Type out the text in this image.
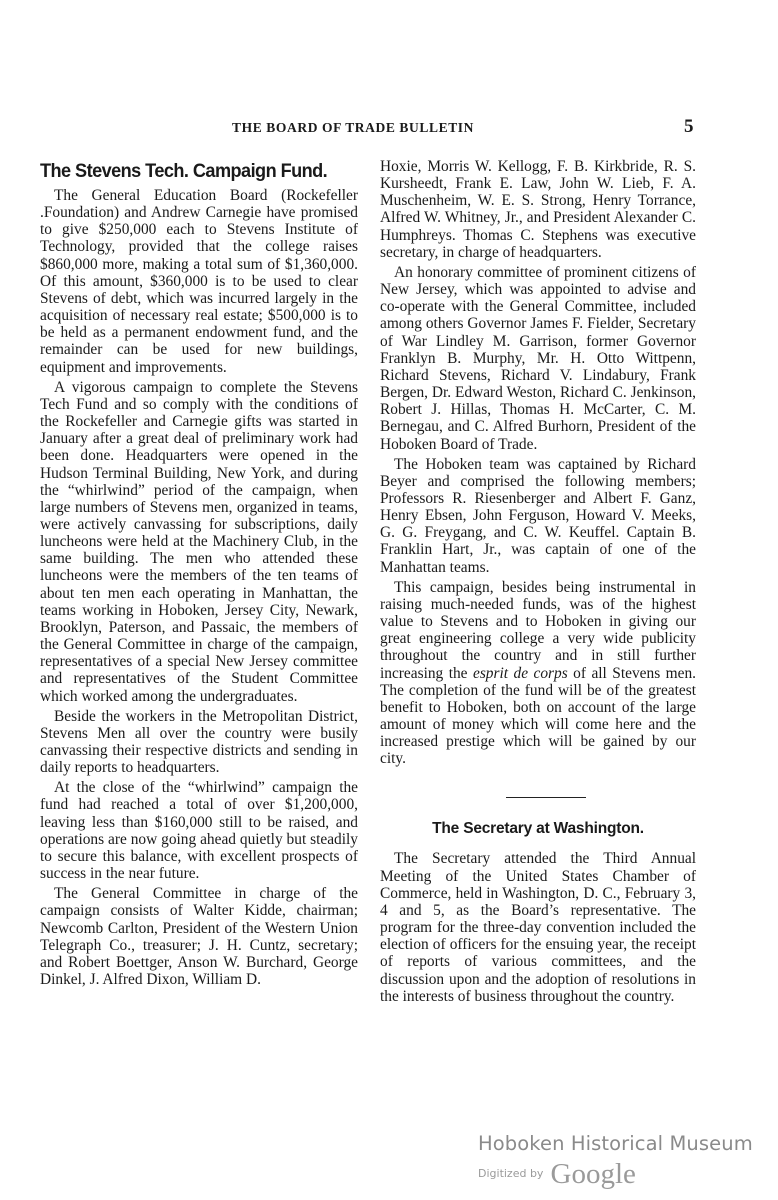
THE BOARD OF TRADE BULLETIN	5
The Stevens Tech. Campaign Fund.

The General Education Board (Rockefeller .Foundation) and Andrew Carnegie have promised to give $250,000 each to Stevens Institute of Technology, provided that the college raises $860,000 more, making a total sum of $1,360,000. Of this amount, $360,000 is to be used to clear Stevens of debt, which was incurred largely in the acquisition of necessary real estate; $500,000 is to be held as a permanent endowment fund, and the remainder can be used for new buildings, equipment and improvements.

A vigorous campaign to complete the Stevens Tech Fund and so comply with the conditions of the Rockefeller and Carnegie gifts was started in January after a great deal of preliminary work had been done. Headquarters were opened in the Hudson Terminal Building, New York, and during the “whirlwind” period of the campaign, when large numbers of Stevens men, organized in teams, were actively canvassing for subscriptions, daily luncheons were held at the Machinery Club, in the same building. The men who attended these luncheons were the members of the ten teams of about ten men each operating in Manhattan, the teams working in Hoboken, Jersey City, Newark, Brooklyn, Paterson, and Passaic, the members of the General Committee in charge of the campaign, representatives of a special New Jersey committee and representatives of the Student Committee which worked among the undergraduates.

Beside the workers in the Metropolitan District, Stevens Men all over the country were busily canvassing their respective districts and sending in daily reports to headquarters.

At the close of the “whirlwind” campaign the fund had reached a total of over $1,200,000, leaving less than $160,000 still to be raised, and operations are now going ahead quietly but steadily to secure this balance, with excellent prospects of success in the near future.

The General Committee in charge of the campaign consists of Walter Kidde, chairman; Newcomb Carlton, President of the Western Union Telegraph Co., treasurer; J. H. Cuntz, secretary; and Robert Boettger, Anson W. Burchard, George Dinkel, J. Alfred Dixon, William D.

Hoxie, Morris W. Kellogg, F. B. Kirkbride, R. S. Kursheedt, Frank E. Law, John W. Lieb, F. A. Muschenheim, W. E. S. Strong, Henry Torrance, Alfred W. Whitney, Jr., and President Alexander C. Humphreys. Thomas C. Stephens was executive secretary, in charge of headquarters.

An honorary committee of prominent citizens of New Jersey, which was appointed to advise and co-operate with the General Committee, included among others Governor James F. Fielder, Secretary of War Lindley M. Garrison, former Governor Franklyn B. Murphy, Mr. H. Otto Wittpenn, Richard Stevens, Richard V. Lindabury, Frank Bergen, Dr. Edward Weston, Richard C. Jenkinson, Robert J. Hillas, Thomas H. McCarter, C. M. Bernegau, and C. Alfred Burhorn, President of the Hoboken Board of Trade.

The Hoboken team was captained by Richard Beyer and comprised the following members; Professors R. Riesenberger and Albert F. Ganz, Henry Ebsen, John Ferguson, Howard V. Meeks, G. G. Freygang, and C. W. Keuffel. Captain B. Franklin Hart, Jr., was captain of one of the Manhattan teams.

This campaign, besides being instrumental in raising much-needed funds, was of the highest value to Stevens and to Hoboken in giving our great engineering college a very wide publicity throughout the country and in still further increasing the esprit de corps of all Stevens men. The completion of the fund will be of the greatest benefit to Hoboken, both on account of the large amount of money which will come here and the increased prestige which will be gained by our city.

The Secretary at Washington.

The Secretary attended the Third Annual Meeting of the United States Chamber of Commerce, held in Washington, D. C., February 3, 4 and 5, as the Board’s representative. The program for the three-day convention included the election of officers for the ensuing year, the receipt of reports of various committees, and the discussion upon and the adoption of resolutions in the interests of business throughout the country.

Hoboken Historical Museum
$^{Digitized by}$ Google
